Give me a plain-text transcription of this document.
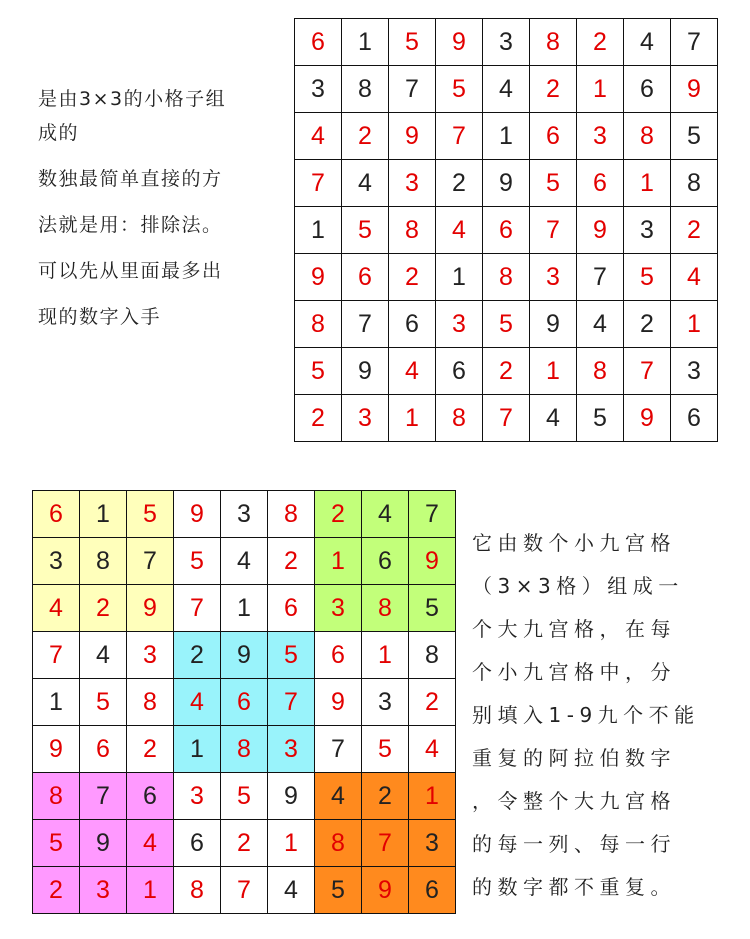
是由3×3的小格子组
成的
数独最简单直接的方
法就是用：排除法。
可以先从里面最多出
现的数字入手
6	1	5	9	3	8	2	4	7
3	8	7	5	4	2	1	6	9
4	2	9	7	1	6	3	8	5
7	4	3	2	9	5	6	1	8
1	5	8	4	6	7	9	3	2
9	6	2	1	8	3	7	5	4
8	7	6	3	5	9	4	2	1
5	9	4	6	2	1	8	7	3
2	3	1	8	7	4	5	9	6
6	1	5	9	3	8	2	4	7
3	8	7	5	4	2	1	6	9
4	2	9	7	1	6	3	8	5
7	4	3	2	9	5	6	1	8
1	5	8	4	6	7	9	3	2
9	6	2	1	8	3	7	5	4
8	7	6	3	5	9	4	2	1
5	9	4	6	2	1	8	7	3
2	3	1	8	7	4	5	9	6
它由数个小九宫格
（3×3格）组成一
个大九宫格，在每
个小九宫格中，分
别填入1-9九个不能
重复的阿拉伯数字
，令整个大九宫格
的每一列、每一行
的数字都不重复。
